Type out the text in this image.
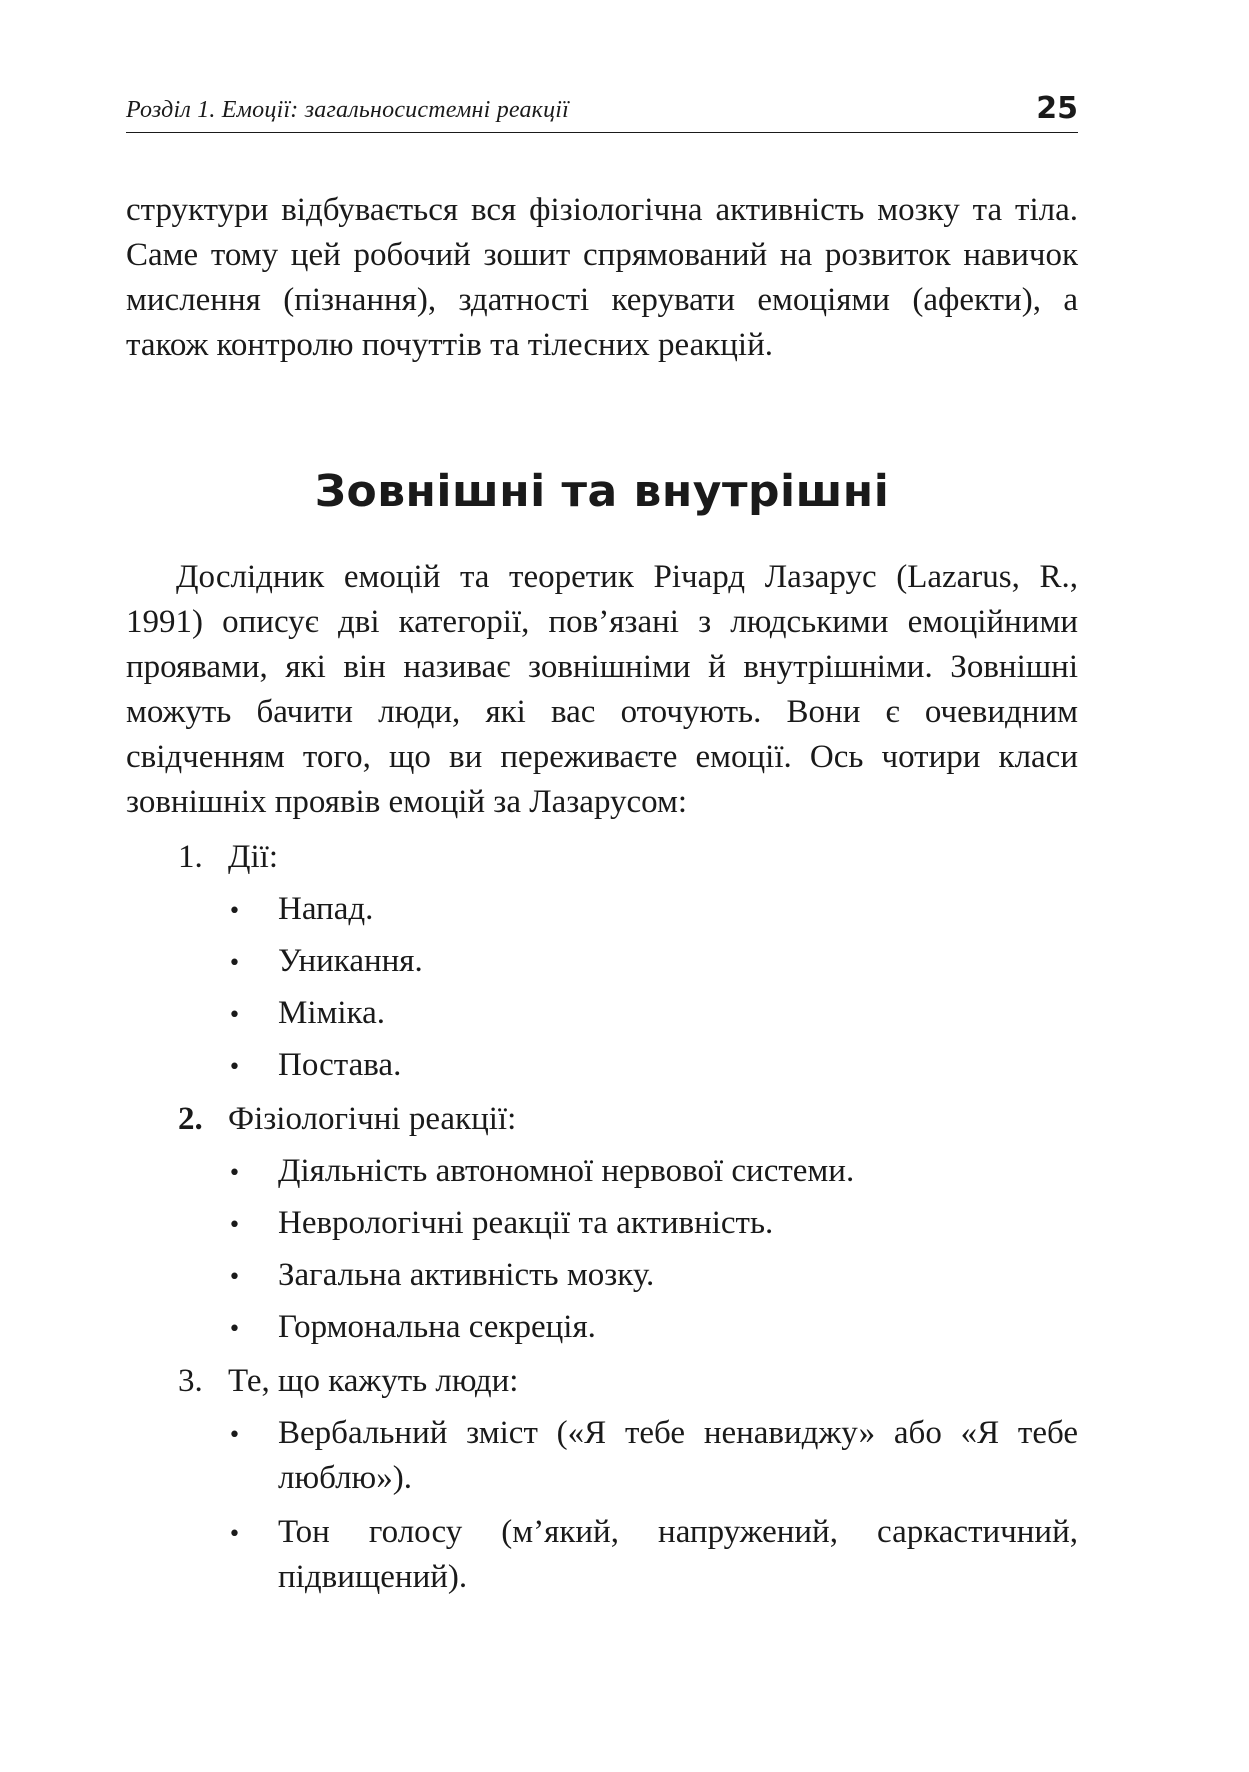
Розділ 1. Емоції: загальносистемні реакції	25

структури відбувається вся фізіологічна активність мозку та тіла. Саме тому цей робочий зошит спрямований на розвиток навичок мислення (пізнання), здатності керувати емоціями (афекти), а також контролю почуттів та тілесних реакцій.

Зовнішні та внутрішні

Дослідник емоцій та теоретик Річард Лазарус (Lazarus, R., 1991) описує дві категорії, пов’язані з людськими емоційними проявами, які він називає зовнішніми й внутрішніми. Зовнішні можуть бачити люди, які вас оточують. Вони є очевидним свідченням того, що ви переживаєте емоції. Ось чотири класи зовнішніх проявів емоцій за Лазарусом:

1. Дії:
•	Напад.
•	Уникання.
•	Міміка.
•	Постава.
2. Фізіологічні реакції:
•	Діяльність автономної нервової системи.
•	Неврологічні реакції та активність.
•	Загальна активність мозку.
•	Гормональна секреція.
3. Те, що кажуть люди:
•	Вербальний зміст («Я тебе ненавиджу» або «Я тебе люблю»).
•	Тон голосу (м’який, напружений, саркастичний, підвищений).
